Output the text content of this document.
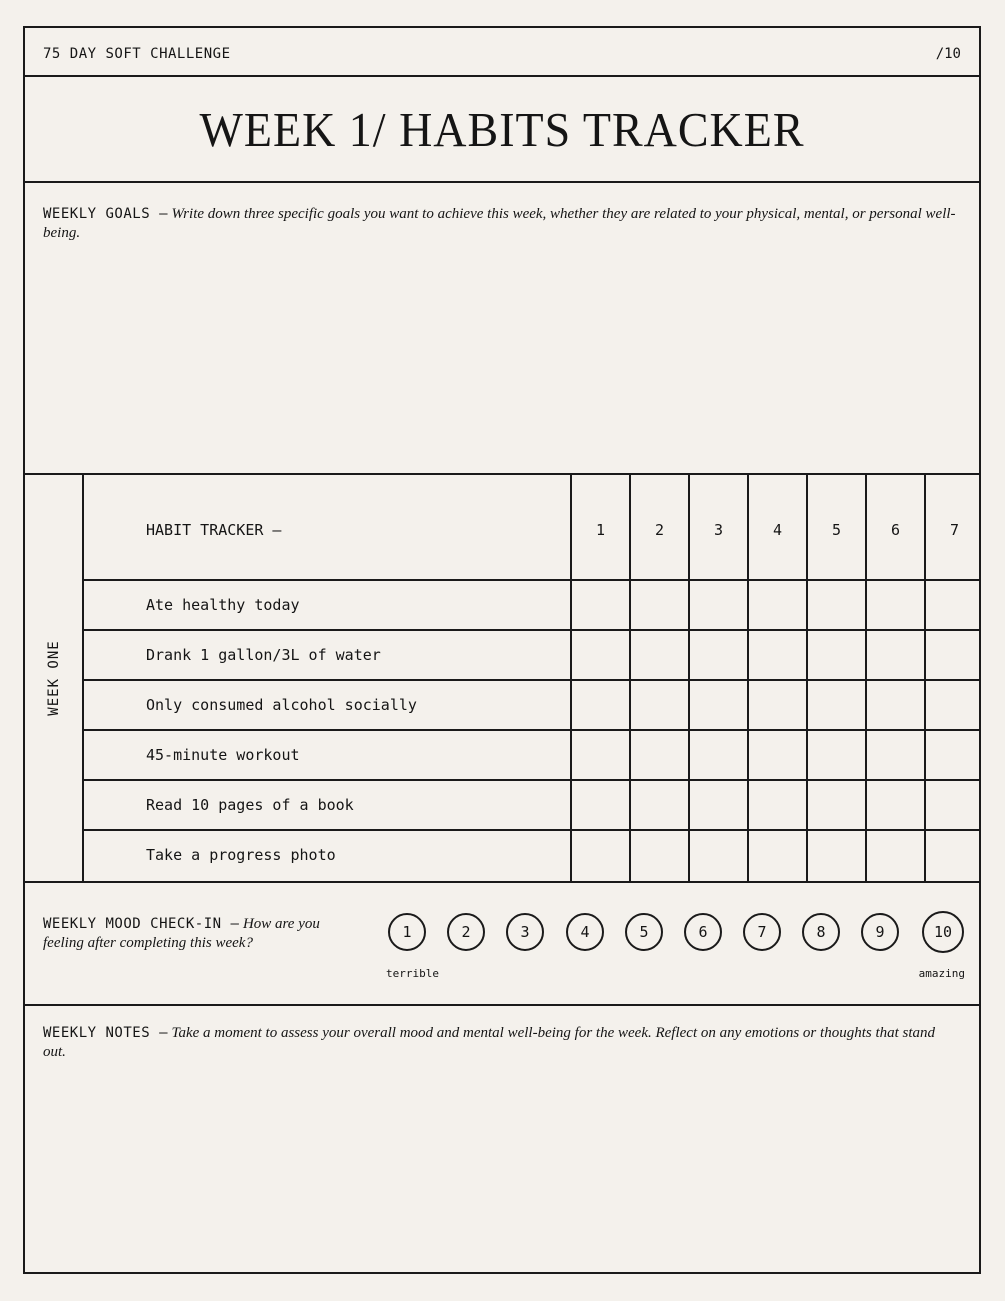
75 DAY SOFT CHALLENGE	/10
WEEK 1/ HABITS TRACKER
WEEKLY GOALS — Write down three specific goals you want to achieve this week, whether they are related to your physical, mental, or personal well-being.
WEEK ONE
HABIT TRACKER —	1	2	3	4	5	6	7
Ate healthy today
Drank 1 gallon/3L of water
Only consumed alcohol socially
45-minute workout
Read 10 pages of a book
Take a progress photo
WEEKLY MOOD CHECK-IN — How are you feeling after completing this week?
terrible	amazing
1	2	3	4	5	6	7	8	9	10
WEEKLY NOTES — Take a moment to assess your overall mood and mental well-being for the week. Reflect on any emotions or thoughts that stand out.
